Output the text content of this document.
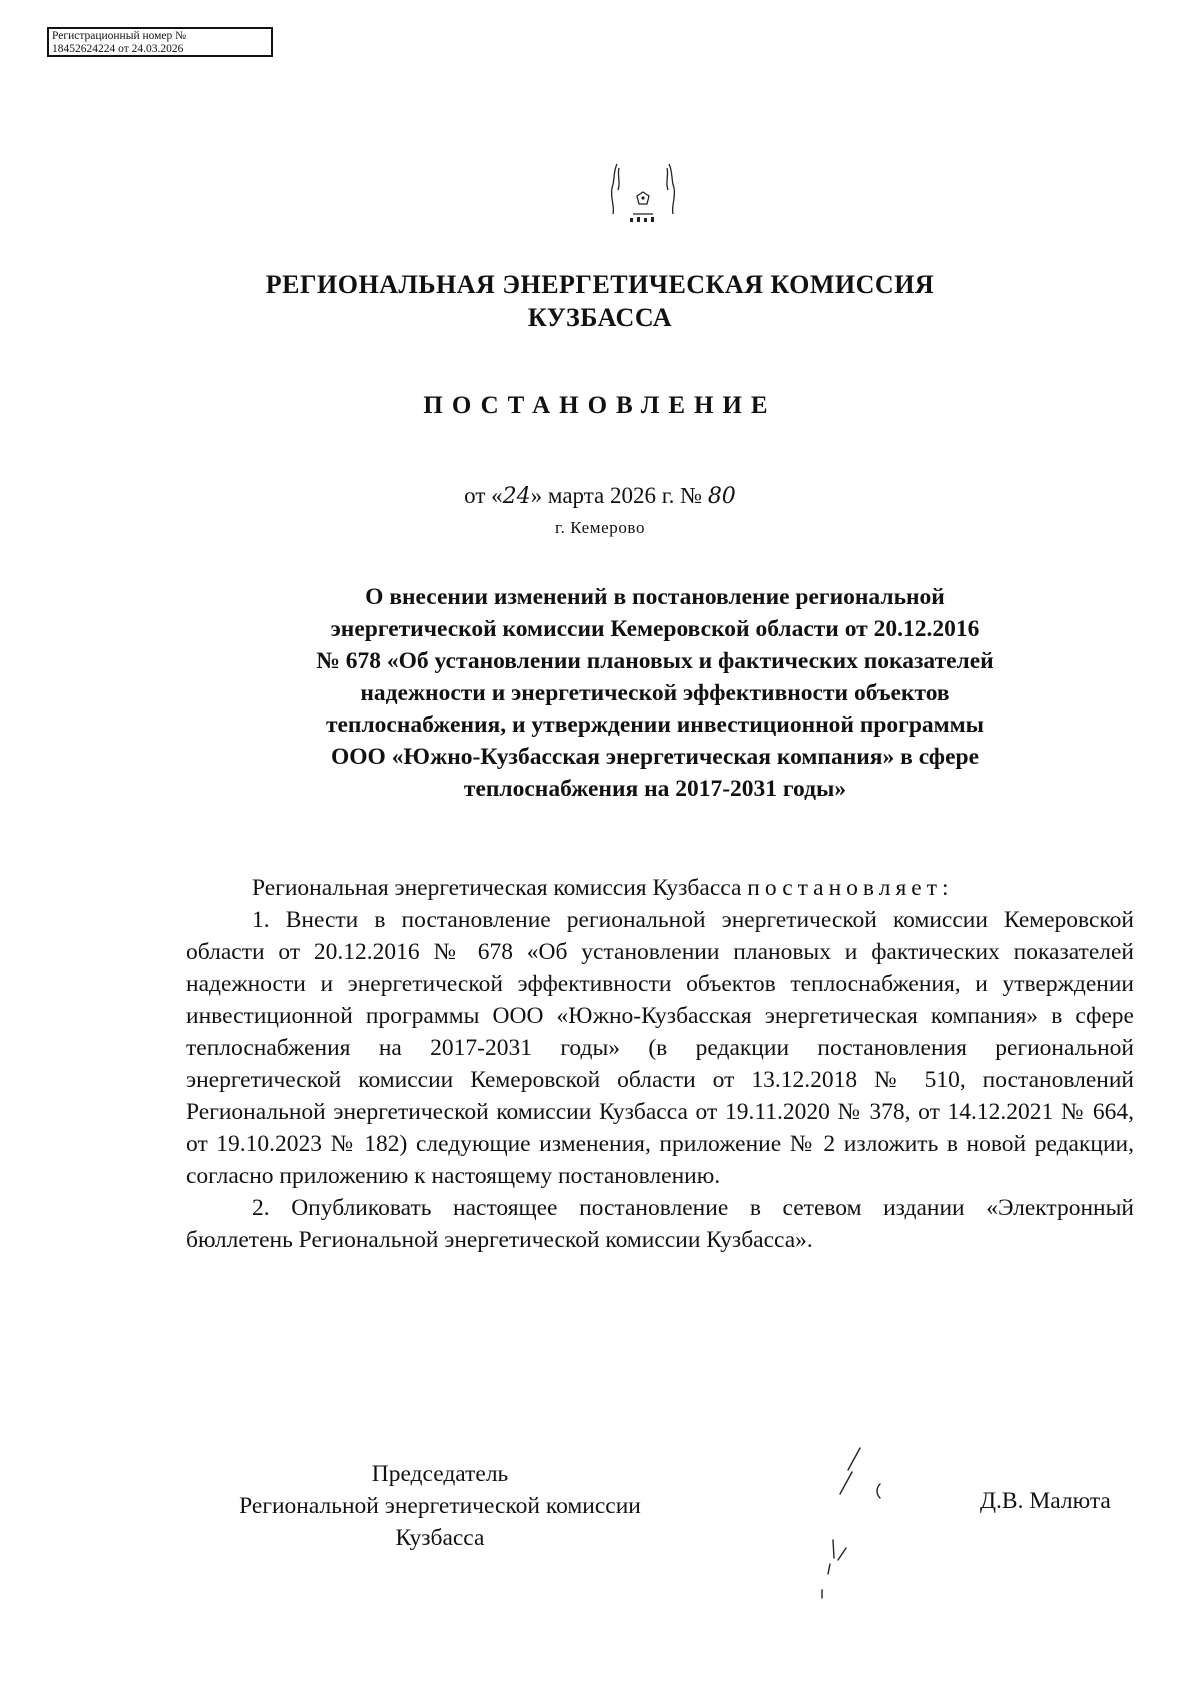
Регистрационный номер №
18452624224 от 24.03.2026
РЕГИОНАЛЬНАЯ ЭНЕРГЕТИЧЕСКАЯ КОМИССИЯ
КУЗБАССА
ПОСТАНОВЛЕНИЕ
от «24» марта 2026 г. № 80
г. Кемерово
О внесении изменений в постановление региональной
энергетической комиссии Кемеровской области от 20.12.2016
№ 678 «Об установлении плановых и фактических показателей
надежности и энергетической эффективности объектов
теплоснабжения, и утверждении инвестиционной программы
ООО «Южно-Кузбасская энергетическая компания» в сфере
теплоснабжения на 2017-2031 годы»

Региональная энергетическая комиссия Кузбасса постановляет:

1. Внести в постановление региональной энергетической комиссии Кемеровской области от 20.12.2016 № 678 «Об установлении плановых и фактических показателей надежности и энергетической эффективности объектов теплоснабжения, и утверждении инвестиционной программы ООО «Южно-Кузбасская энергетическая компания» в сфере теплоснабжения на 2017-2031 годы» (в редакции постановления региональной энергетической комиссии Кемеровской области от 13.12.2018 № 510, постановлений Региональной энергетической комиссии Кузбасса от 19.11.2020 № 378, от 14.12.2021 № 664, от 19.10.2023 № 182) следующие изменения, приложение № 2 изложить в новой редакции, согласно приложению к настоящему постановлению.

2. Опубликовать настоящее постановление в сетевом издании «Электронный бюллетень Региональной энергетической комиссии Кузбасса».

Председатель
Региональной энергетической комиссии
Кузбасса
Д.В. Малюта
